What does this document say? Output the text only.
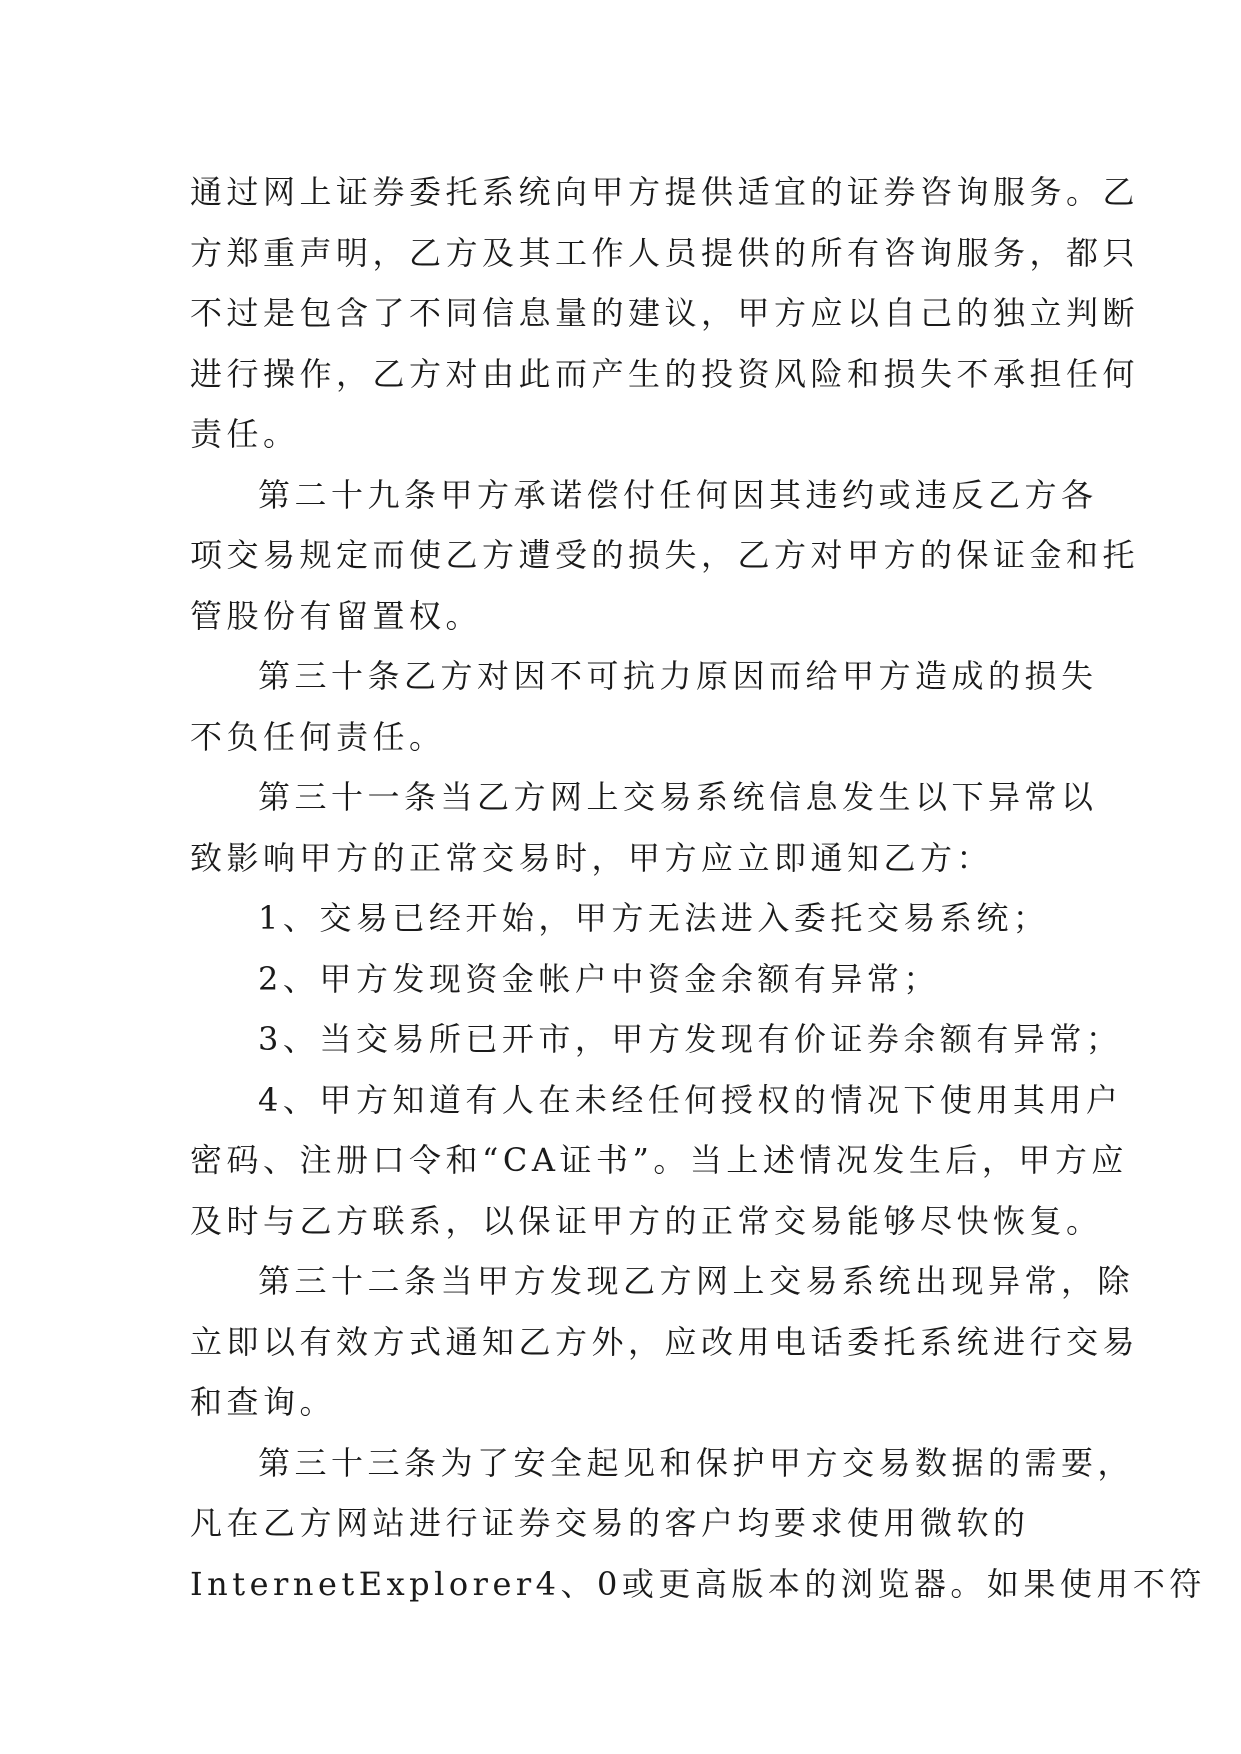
通过网上证券委托系统向甲方提供适宜的证券咨询服务。乙
方郑重声明，乙方及其工作人员提供的所有咨询服务，都只
不过是包含了不同信息量的建议，甲方应以自己的独立判断
进行操作，乙方对由此而产生的投资风险和损失不承担任何
责任。
第二十九条甲方承诺偿付任何因其违约或违反乙方各
项交易规定而使乙方遭受的损失，乙方对甲方的保证金和托
管股份有留置权。
第三十条乙方对因不可抗力原因而给甲方造成的损失
不负任何责任。
第三十一条当乙方网上交易系统信息发生以下异常以
致影响甲方的正常交易时，甲方应立即通知乙方：
1、交易已经开始，甲方无法进入委托交易系统；
2、甲方发现资金帐户中资金余额有异常；
3、当交易所已开市，甲方发现有价证券余额有异常；
4、甲方知道有人在未经任何授权的情况下使用其用户
密码、注册口令和“CA证书”。当上述情况发生后，甲方应
及时与乙方联系，以保证甲方的正常交易能够尽快恢复。
第三十二条当甲方发现乙方网上交易系统出现异常，除
立即以有效方式通知乙方外，应改用电话委托系统进行交易
和查询。
第三十三条为了安全起见和保护甲方交易数据的需要，
凡在乙方网站进行证券交易的客户均要求使用微软的
InternetExplorer4、0或更高版本的浏览器。如果使用不符
